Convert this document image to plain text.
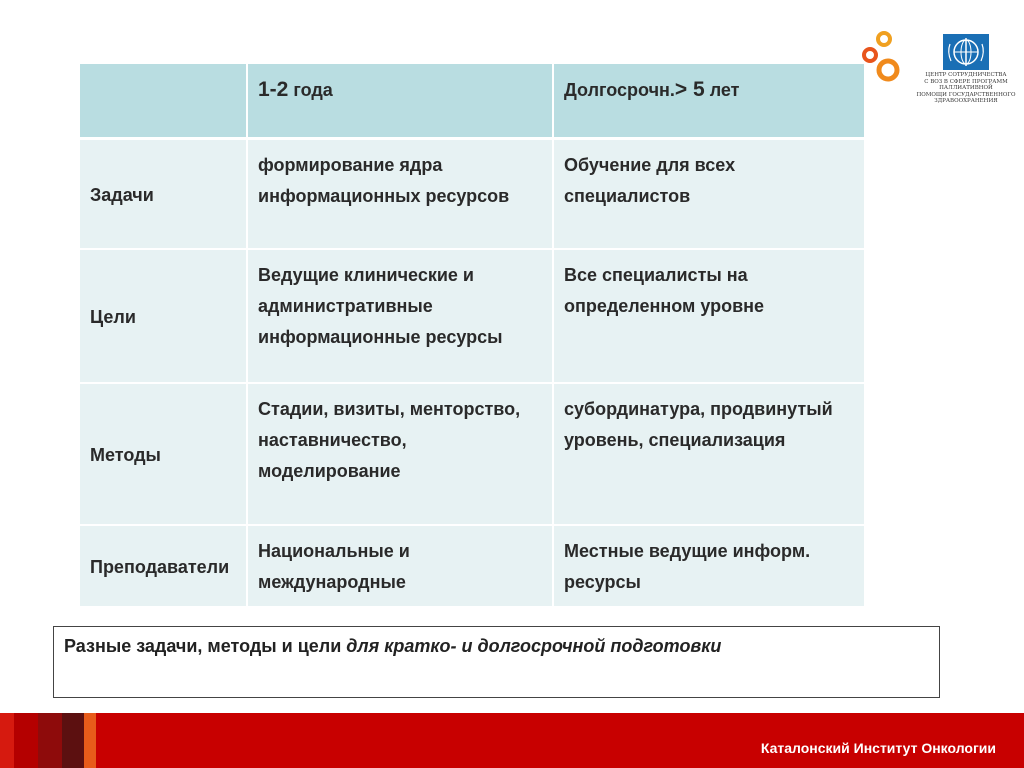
	1-2 года	Долгосрочн.> 5 лет
Задачи	формирование ядра информационных ресурсов	Обучение для всех специалистов
Цели	Ведущие клинические и административные информационные ресурсы	Все специалисты на определенном уровне
Методы	Стадии, визиты, менторство, наставничество, моделирование	субординатура, продвинутый уровень, специализация
Преподаватели	Национальные и международные	Местные ведущие информ. ресурсы
ЦЕНТР СОТРУДНИЧЕСТВА
С ВОЗ В СФЕРЕ ПРОГРАММ ПАЛЛИАТИВНОЙ
ПОМОЩИ ГОСУДАРСТВЕННОГО
ЗДРАВООХРАНЕНИЯ
Разные задачи, методы и цели для кратко- и долгосрочной подготовки
Каталонский Институт Онкологии
